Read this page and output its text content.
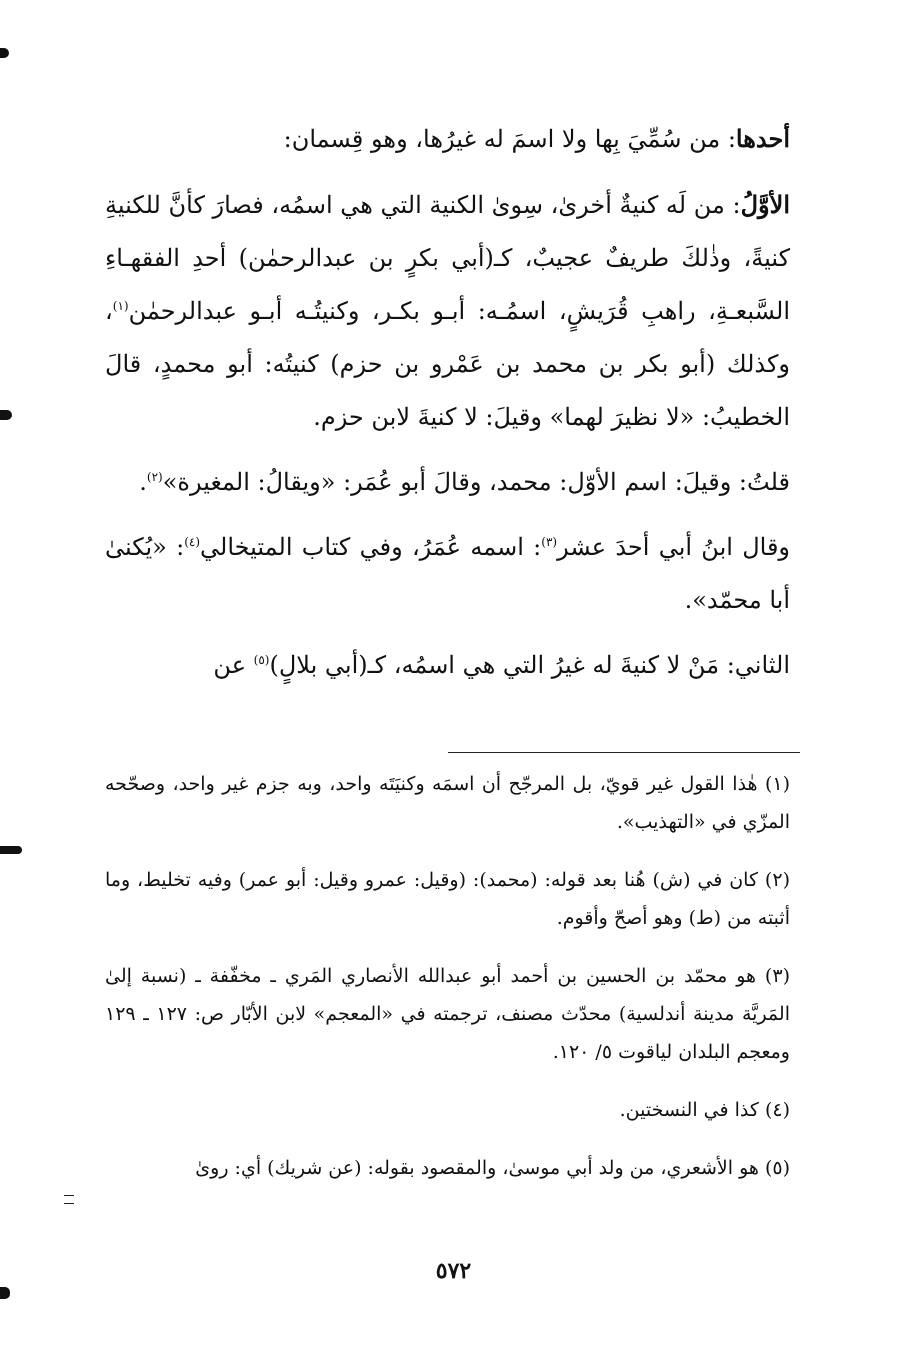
أحدها: من سُمِّيَ بِها ولا اسمَ له غيرُها، وهو قِسمان:

الأوَّلُ: من لَه كنيةٌ أخرىٰ، سِوىٰ الكنية التي هي اسمُه، فصارَ كأنَّ للكنيةِ كنيةً، وذٰلكَ طريفٌ عجيبٌ، كـ(أبي بكرٍ بن عبدالرحمٰن) أحدِ الفقهـاءِ السَّبعـةِ، راهبِ قُرَيشٍ، اسمُـه: أبـو بكـر، وكنيتُـه أبـو عبدالرحمٰن$^{(١)}$، وكذلك (أبو بكر بن محمد بن عَمْرو بن حزم) كنيتُه: أبو محمدٍ، قالَ الخطيبُ: «لا نظيرَ لهما» وقيلَ: لا كنيةَ لابن حزم.

قلتُ: وقيلَ: اسم الأوّل: محمد، وقالَ أبو عُمَر: «ويقالُ: المغيرة»$^{(٢)}$.

وقال ابنُ أبي أحدَ عشر$^{(٣)}$: اسمه عُمَرُ، وفي كتاب المتيخالي$^{(٤)}$: «يُكنىٰ أبا محمّد».

الثاني: مَنْ لا كنيةَ له غيرُ التي هي اسمُه، كـ(أبي بلالٍ)$^{(٥)}$ عن

(١) هٰذا القول غير قويّ، بل المرجّح أن اسمَه وكنيَتَه واحد، وبه جزم غير واحد، وصحّحه المزّي في «التهذيب».

(٢) كان في (ش) هُنا بعد قوله: (محمد): (وقيل: عمرو وقيل: أبو عمر) وفيه تخليط، وما أثبته من (ط) وهو أصحّ وأقوم.

(٣) هو محمّد بن الحسين بن أحمد أبو عبدالله الأنصاري المَري ـ مخفّفة ـ (نسبة إلىٰ المَريَّة مدينة أندلسية) محدّث مصنف، ترجمته في «المعجم» لابن الأبّار ص: ١٢٧ ـ ١٢٩ ومعجم البلدان لياقوت ٥/ ١٢٠.

(٤) كذا في النسختين.

(٥) هو الأشعري، من ولد أبي موسىٰ، والمقصود بقوله: (عن شريك) أي: روىٰ

٥٧٢
